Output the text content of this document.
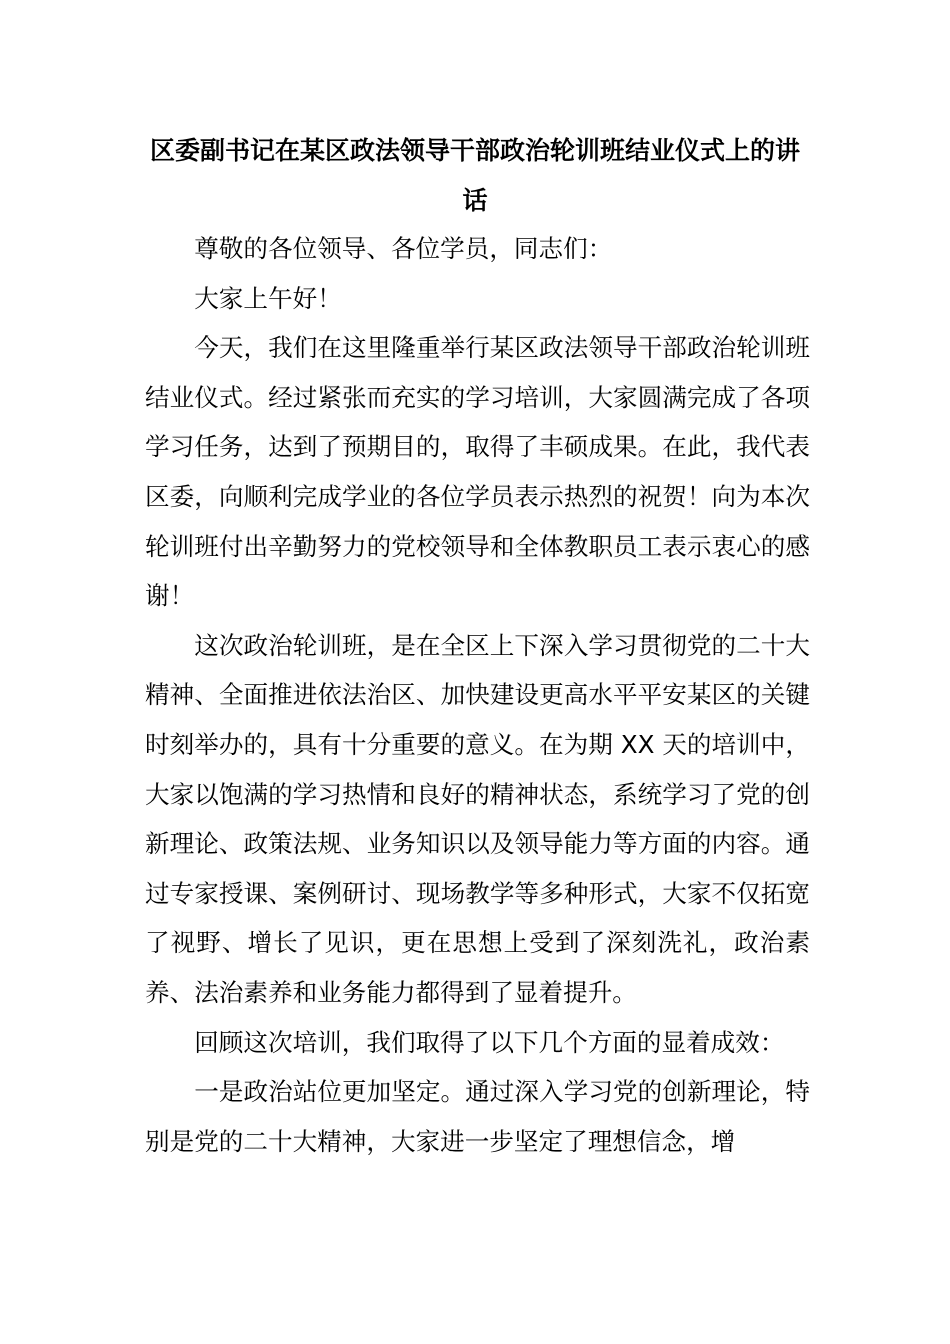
区委副书记在某区政法领导干部政治轮训班结业仪式上的讲话

尊敬的各位领导、各位学员，同志们：

大家上午好！

今天，我们在这里隆重举行某区政法领导干部政治轮训班结业仪式。经过紧张而充实的学习培训，大家圆满完成了各项学习任务，达到了预期目的，取得了丰硕成果。在此，我代表区委，向顺利完成学业的各位学员表示热烈的祝贺！向为本次轮训班付出辛勤努力的党校领导和全体教职员工表示衷心的感谢！

这次政治轮训班，是在全区上下深入学习贯彻党的二十大精神、全面推进依法治区、加快建设更高水平平安某区的关键时刻举办的，具有十分重要的意义。在为期 XX 天的培训中，大家以饱满的学习热情和良好的精神状态，系统学习了党的创新理论、政策法规、业务知识以及领导能力等方面的内容。通过专家授课、案例研讨、现场教学等多种形式，大家不仅拓宽了视野、增长了见识，更在思想上受到了深刻洗礼，政治素养、法治素养和业务能力都得到了显着提升。

回顾这次培训，我们取得了以下几个方面的显着成效：

一是政治站位更加坚定。通过深入学习党的创新理论，特别是党的二十大精神，大家进一步坚定了理想信念，增
